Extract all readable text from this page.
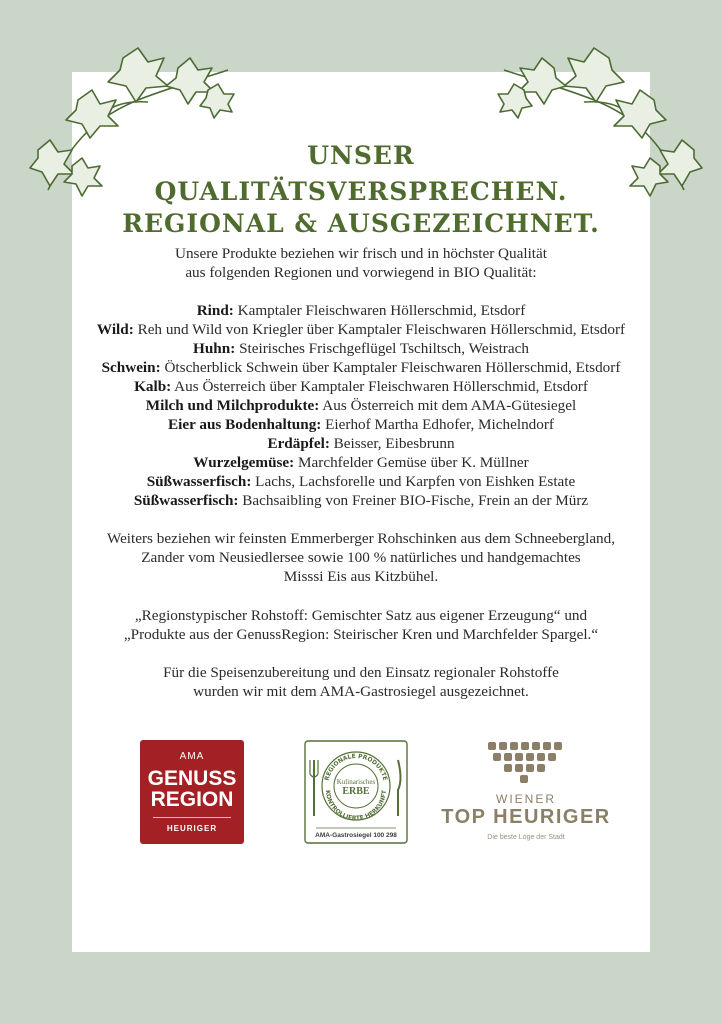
UNSER
QUALITÄTSVERSPRECHEN.
REGIONAL & AUSGEZEICHNET.
Unsere Produkte beziehen wir frisch und in höchster Qualität
aus folgenden Regionen und vorwiegend in BIO Qualität:
Rind: Kamptaler Fleischwaren Höllerschmid, Etsdorf
Wild: Reh und Wild von Kriegler über Kamptaler Fleischwaren Höllerschmid, Etsdorf
Huhn: Steirisches Frischgeflügel Tschiltsch, Weistrach
Schwein: Ötscherblick Schwein über Kamptaler Fleischwaren Höllerschmid, Etsdorf
Kalb: Aus Österreich über Kamptaler Fleischwaren Höllerschmid, Etsdorf
Milch und Milchprodukte: Aus Österreich mit dem AMA-Gütesiegel
Eier aus Bodenhaltung: Eierhof Martha Edhofer, Michelndorf
Erdäpfel: Beisser, Eibesbrunn
Wurzelgemüse: Marchfelder Gemüse über K. Müllner
Süßwasserfisch: Lachs, Lachsforelle und Karpfen von Eishken Estate
Süßwasserfisch: Bachsaibling von Freiner BIO-Fische, Frein an der Mürz
Weiters beziehen wir feinsten Emmerberger Rohschinken aus dem Schneebergland,
Zander vom Neusiedlersee sowie 100 % natürliches und handgemachtes
Misssi Eis aus Kitzbühel.
„Regionstypischer Rohstoff: Gemischter Satz aus eigener Erzeugung“ und
„Produkte aus der GenussRegion: Steirischer Kren und Marchfelder Spargel.“
Für die Speisenzubereitung und den Einsatz regionaler Rohstoffe
wurden wir mit dem AMA-Gastrosiegel ausgezeichnet.
AMA
GENUSS
REGION
HEURIGER
REGIONALE PRODUKTE
KONTROLLIERTE HERKUNFT
Kulinarisches
ERBE
AMA-Gastrosiegel 100 298
WIENER
TOP HEURIGER
Die beste Loge der Stadt
